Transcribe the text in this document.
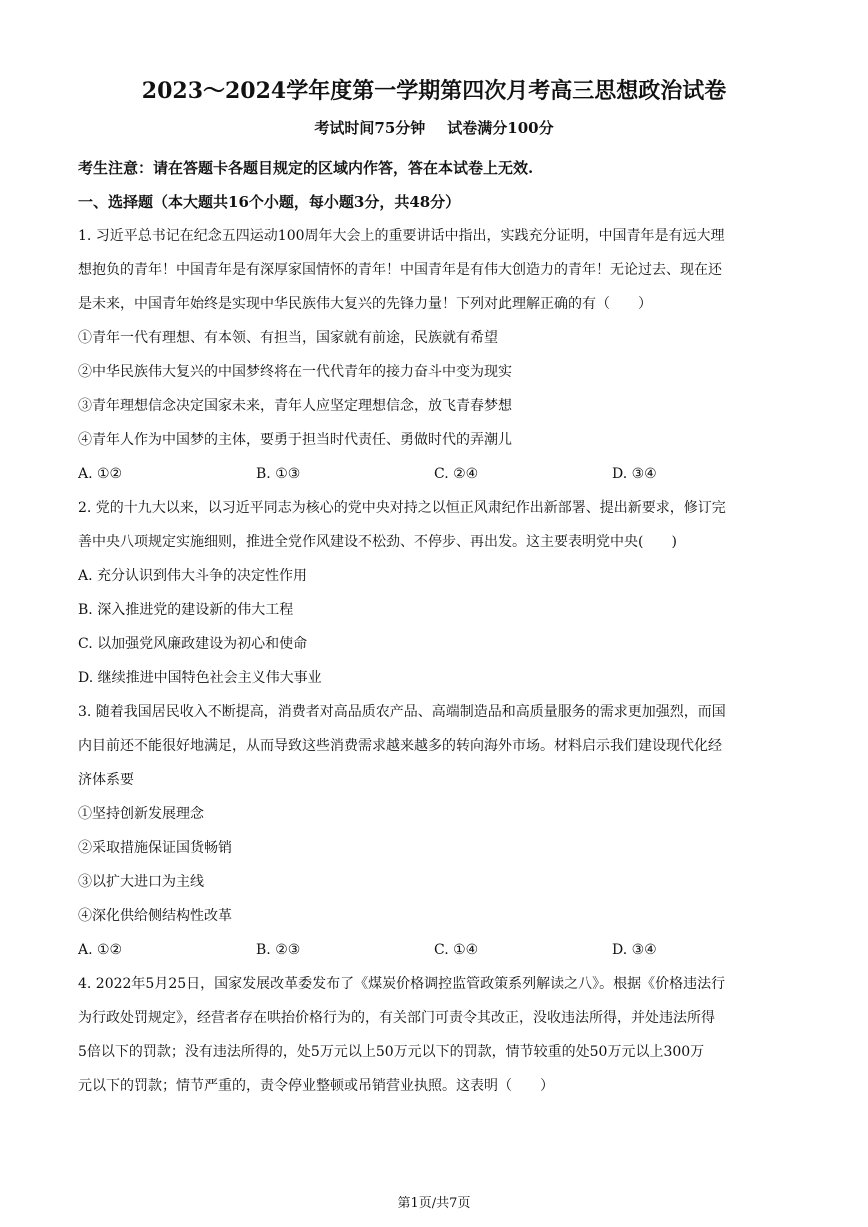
2023～2024学年度第一学期第四次月考高三思想政治试卷
考试时间75分钟 试卷满分100分
考生注意：请在答题卡各题目规定的区域内作答，答在本试卷上无效.
一、选择题（本大题共16个小题，每小题3分，共48分）
1. 习近平总书记在纪念五四运动100周年大会上的重要讲话中指出，实践充分证明，中国青年是有远大理
想抱负的青年！中国青年是有深厚家国情怀的青年！中国青年是有伟大创造力的青年！无论过去、现在还
是未来，中国青年始终是实现中华民族伟大复兴的先锋力量！下列对此理解正确的有（　　）
①青年一代有理想、有本领、有担当，国家就有前途，民族就有希望
②中华民族伟大复兴的中国梦终将在一代代青年的接力奋斗中变为现实
③青年理想信念决定国家未来，青年人应坚定理想信念，放飞青春梦想
④青年人作为中国梦的主体，要勇于担当时代责任、勇做时代的弄潮儿
A. ①②	B. ①③	C. ②④	D. ③④
2. 党的十九大以来，以习近平同志为核心的党中央对持之以恒正风肃纪作出新部署、提出新要求，修订完
善中央八项规定实施细则，推进全党作风建设不松劲、不停步、再出发。这主要表明党中央(　　)
A. 充分认识到伟大斗争的决定性作用
B. 深入推进党的建设新的伟大工程
C. 以加强党风廉政建设为初心和使命
D. 继续推进中国特色社会主义伟大事业
3. 随着我国居民收入不断提高，消费者对高品质农产品、高端制造品和高质量服务的需求更加强烈，而国
内目前还不能很好地满足，从而导致这些消费需求越来越多的转向海外市场。材料启示我们建设现代化经
济体系要
①坚持创新发展理念
②采取措施保证国货畅销
③以扩大进口为主线
④深化供给侧结构性改革
A. ①②	B. ②③	C. ①④	D. ③④
4. 2022年5月25日，国家发展改革委发布了《煤炭价格调控监管政策系列解读之八》。根据《价格违法行
为行政处罚规定》，经营者存在哄抬价格行为的，有关部门可责令其改正，没收违法所得，并处违法所得
5倍以下的罚款；没有违法所得的，处5万元以上50万元以下的罚款，情节较重的处50万元以上300万
元以下的罚款；情节严重的，责令停业整顿或吊销营业执照。这表明（　　）
第1页/共7页
